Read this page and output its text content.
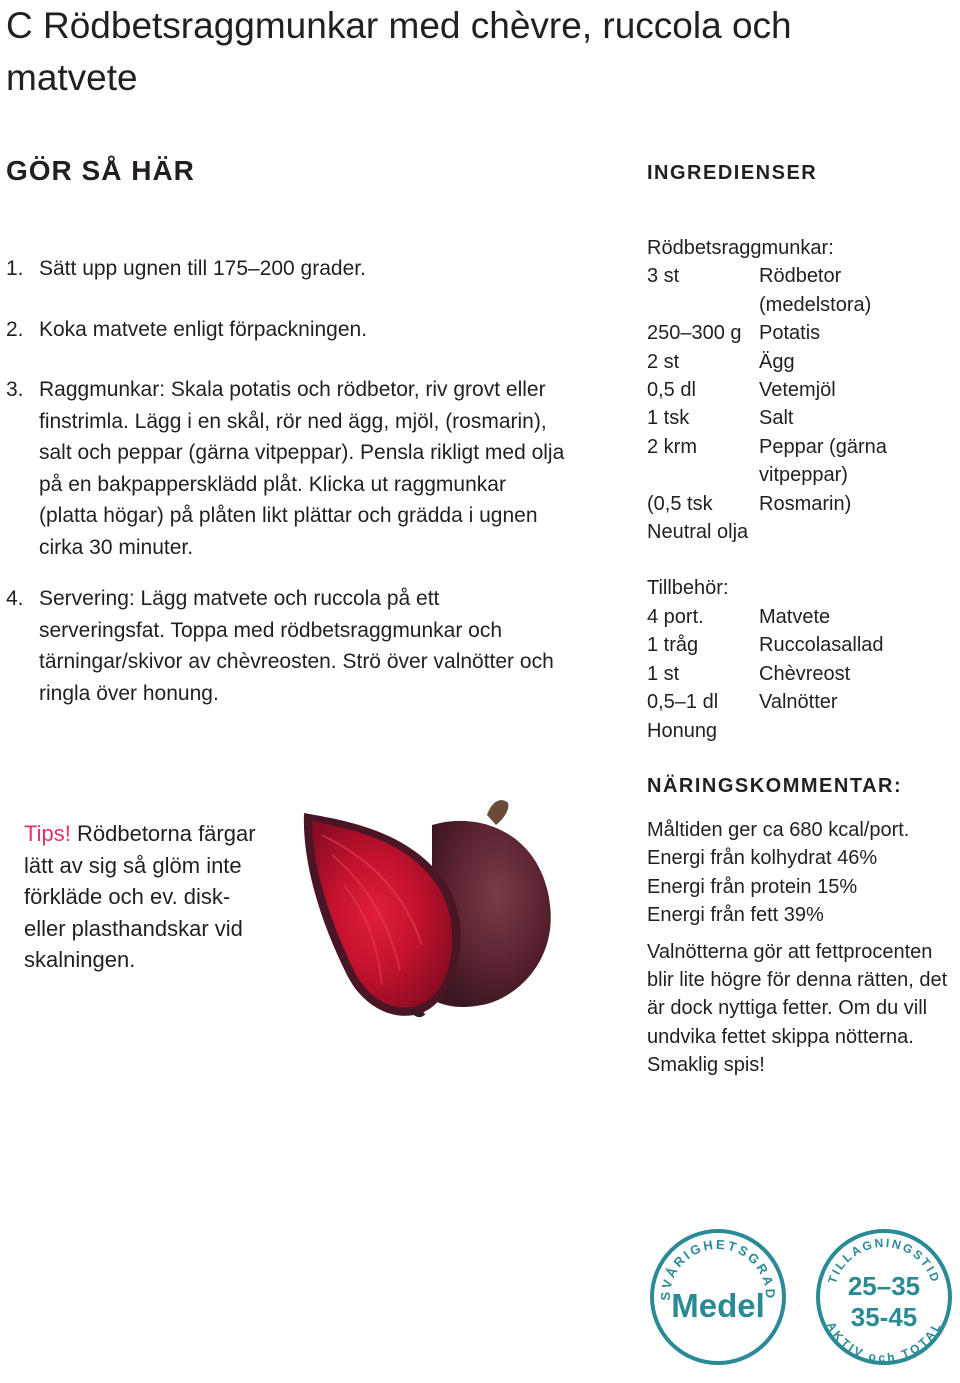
C Rödbetsraggmunkar med chèvre, ruccola och matvete
GÖR SÅ HÄR
1. Sätt upp ugnen till 175–200 grader.
2. Koka matvete enligt förpackningen.
3. Raggmunkar: Skala potatis och rödbetor, riv grovt eller finstrimla. Lägg i en skål, rör ned ägg, mjöl, (rosmarin), salt och peppar (gärna vitpeppar). Pensla rikligt med olja på en bakpappersklädd plåt. Klicka ut raggmunkar (platta högar) på plåten likt plättar och grädda i ugnen cirka 30 minuter.
4. Servering: Lägg matvete och ruccola på ett serveringsfat. Toppa med rödbetsraggmunkar och tärningar/skivor av chèvreosten. Strö över valnötter och ringla över honung.
Tips! Rödbetorna färgar lätt av sig så glöm inte förkläde och ev. disk- eller plasthandskar vid skalningen.
INGREDIENSER
Rödbetsraggmunkar:
3 st	Rödbetor (medelstora)
250–300 g Potatis
2 st	Ägg
0,5 dl	Vetemjöl
1 tsk	Salt
2 krm	Peppar (gärna vitpeppar)
(0,5 tsk	Rosmarin)
Neutral olja
Tillbehör:
4 port.	Matvete
1 tråg	Ruccolasallad
1 st	Chèvreost
0,5–1 dl	Valnötter
Honung
NÄRINGSKOMMENTAR:
Måltiden ger ca 680 kcal/port.
Energi från kolhydrat 46%
Energi från protein 15%
Energi från fett 39%
Valnötterna gör att fettprocenten blir lite högre för denna rätten, det är dock nyttiga fetter. Om du vill undvika fettet skippa nötterna. Smaklig spis!
SVÅRIGHETSGRAD
Medel
TILLAGNINGSTID
25–35
35-45
AKTIV och TOTAL
